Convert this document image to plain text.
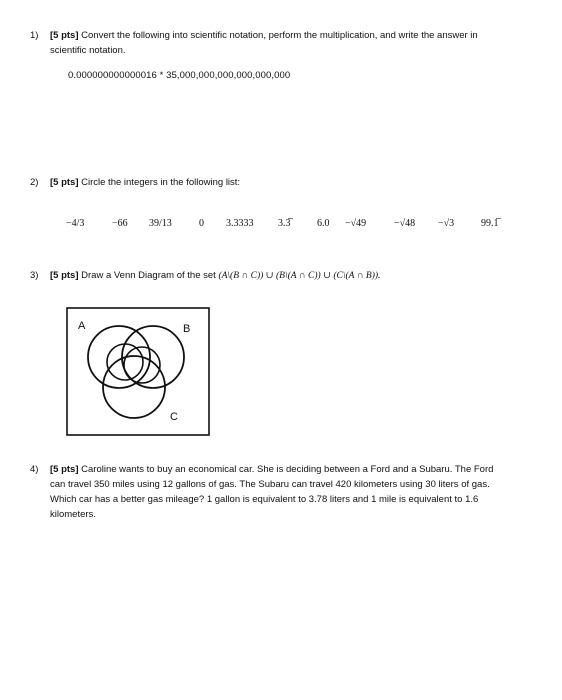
1) [5 pts] Convert the following into scientific notation, perform the multiplication, and write the answer in scientific notation.
0.000000000000016 * 35,000,000,000,000,000,000
2) [5 pts] Circle the integers in the following list:
−4/3	−66 39/13	0 3.3333 3.3̅	6.0 −√49	−√48 −√3	99.1̅
3) [5 pts] Draw a Venn Diagram of the set (A\(B ∩ C)) ∪ (B\(A ∩ C)) ∪ (C\(A ∩ B)).
A	B
C
4) [5 pts] Caroline wants to buy an economical car. She is deciding between a Ford and a Subaru. The Ford can travel 350 miles using 12 gallons of gas. The Subaru can travel 420 kilometers using 30 liters of gas. Which car has a better gas mileage? 1 gallon is equivalent to 3.78 liters and 1 mile is equivalent to 1.6 kilometers.
